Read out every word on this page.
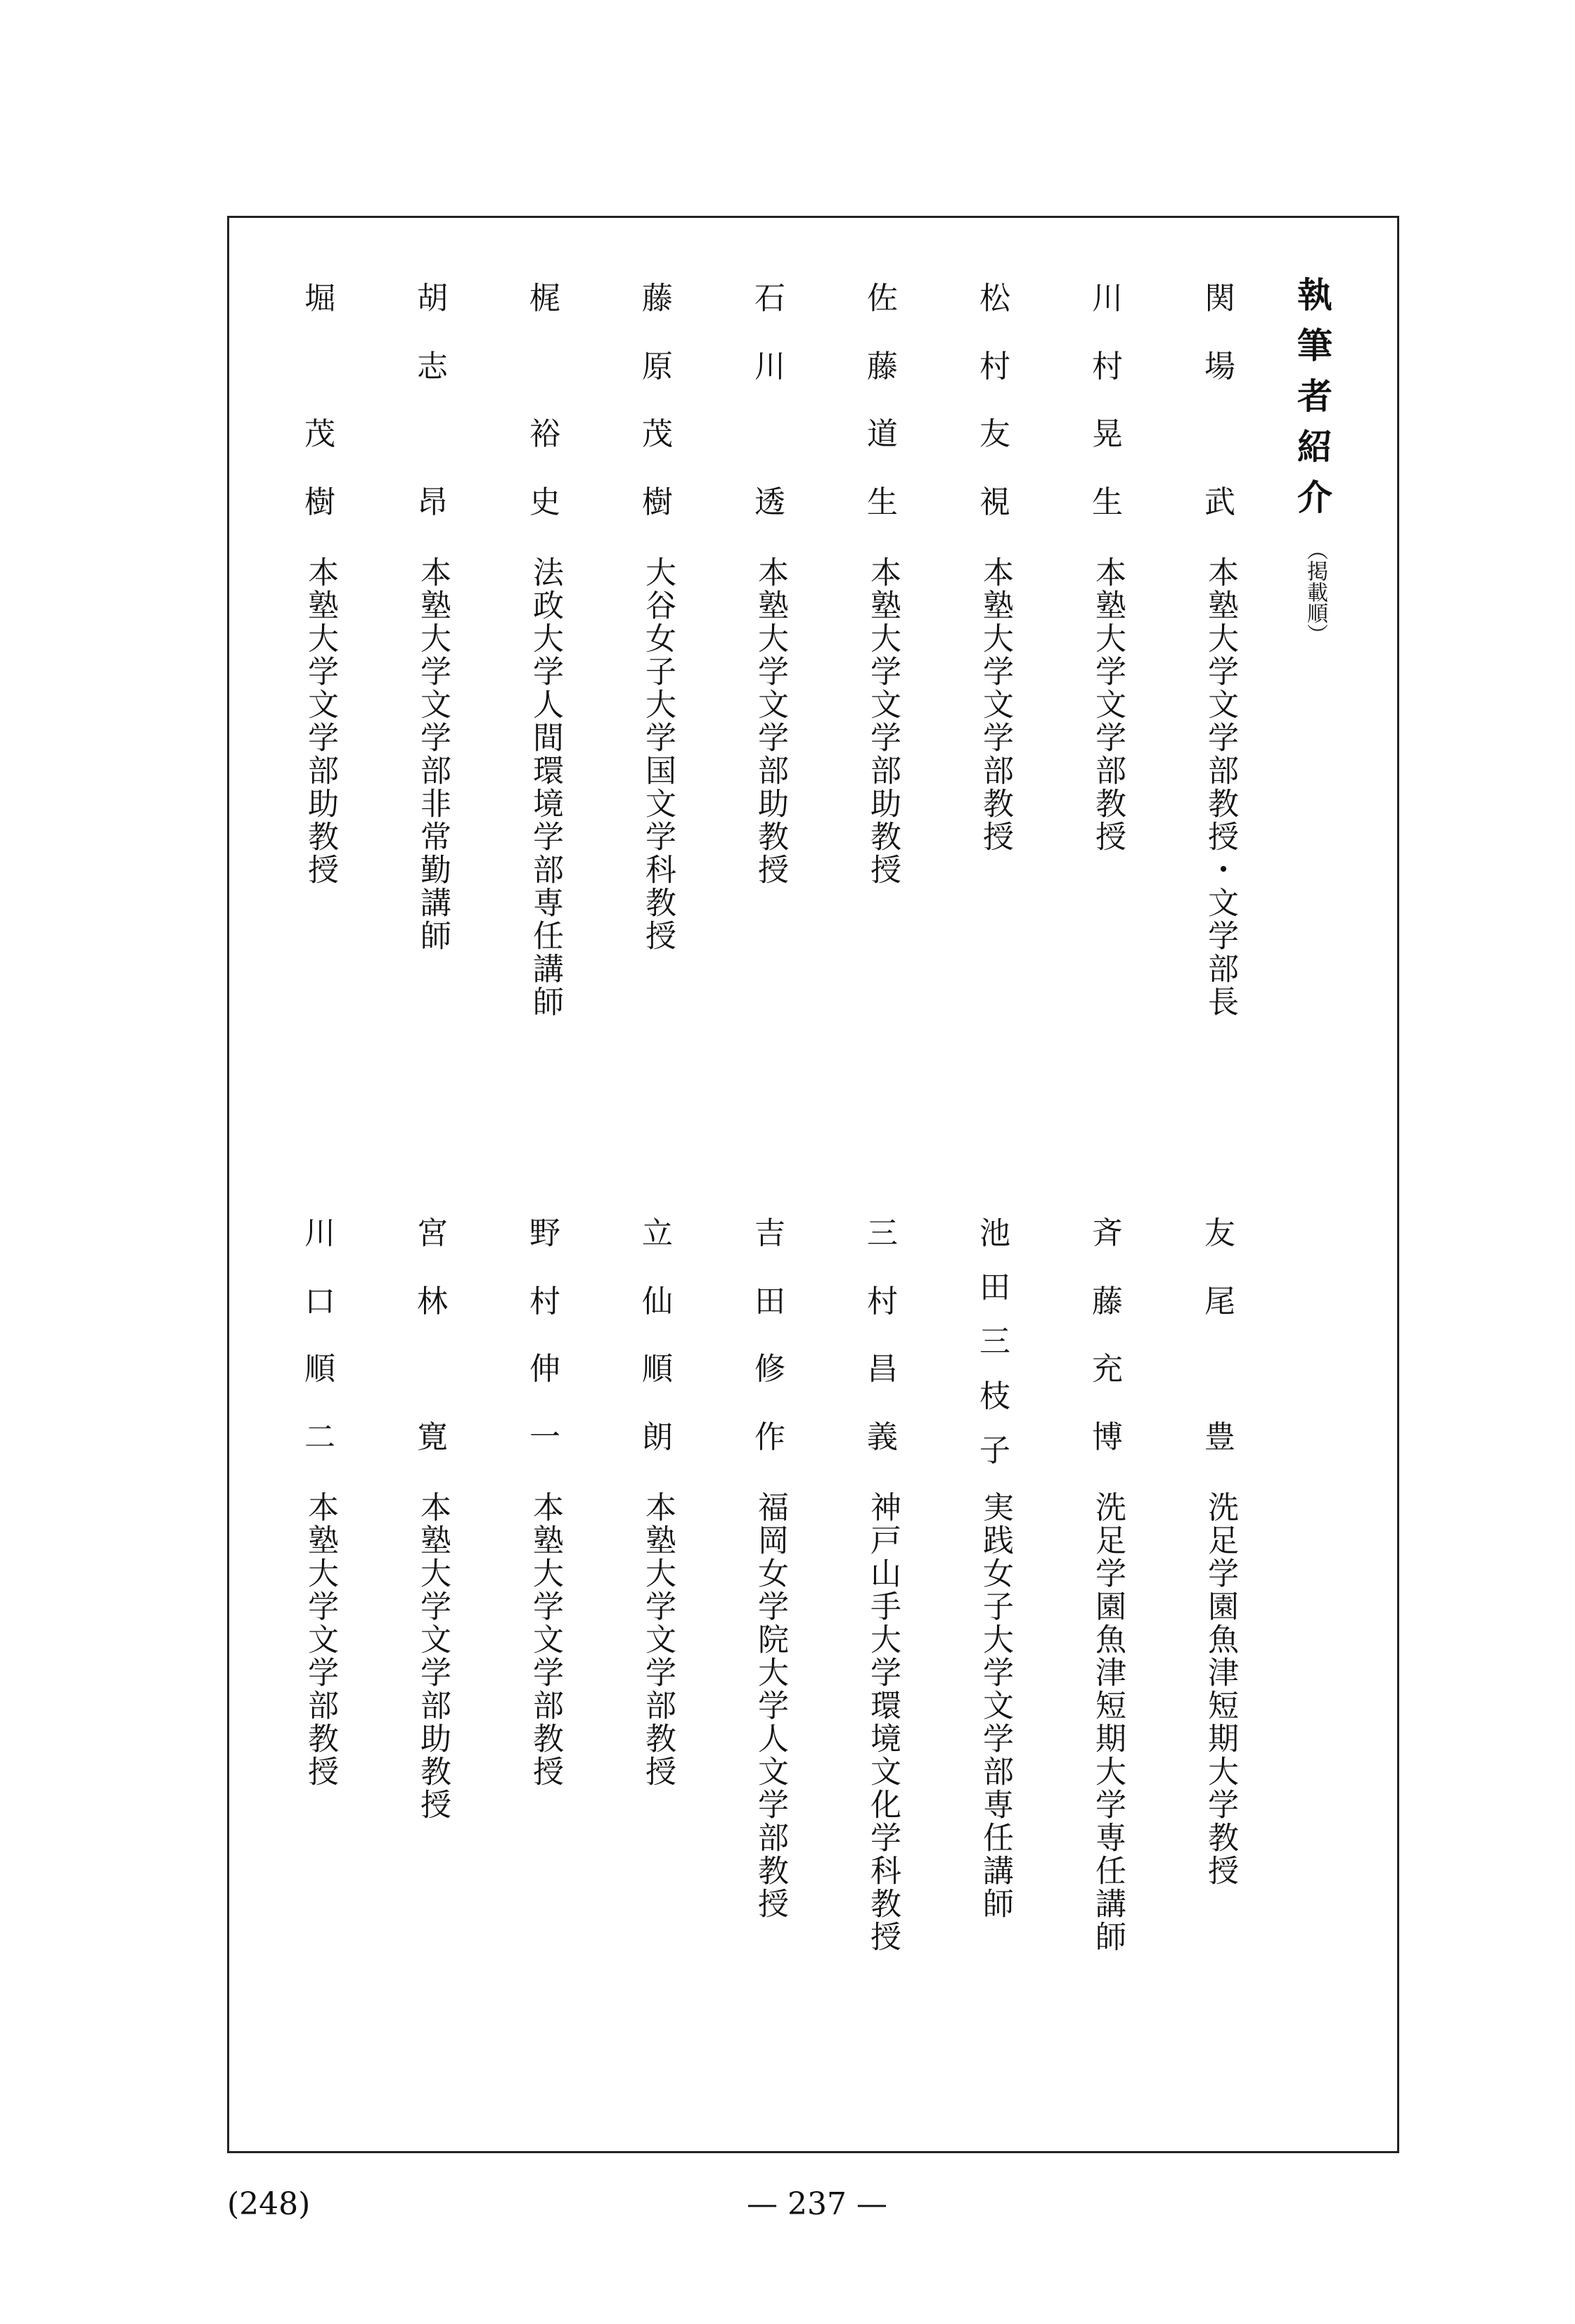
執
筆
者
紹
介
（掲載順）
関
場
武
本塾大学文学部教授・文学部長
川
村
晃
生
本塾大学文学部教授
松
村
友
視
本塾大学文学部教授
佐
藤
道
生
本塾大学文学部助教授
石
川
透
本塾大学文学部助教授
藤
原
茂
樹
大谷女子大学国文学科教授
梶
裕
史
法政大学人間環境学部専任講師
胡
志
昂
本塾大学文学部非常勤講師
堀
茂
樹
本塾大学文学部助教授
友
尾
豊
洗足学園魚津短期大学教授
斉
藤
充
博
洗足学園魚津短期大学専任講師
池
田
三
枝
子
実践女子大学文学部専任講師
三
村
昌
義
神戸山手大学環境文化学科教授
吉
田
修
作
福岡女学院大学人文学部教授
立
仙
順
朗
本塾大学文学部教授
野
村
伸
一
本塾大学文学部教授
宮
林
寛
本塾大学文学部助教授
川
口
順
二
本塾大学文学部教授
(248)	— 237 —
